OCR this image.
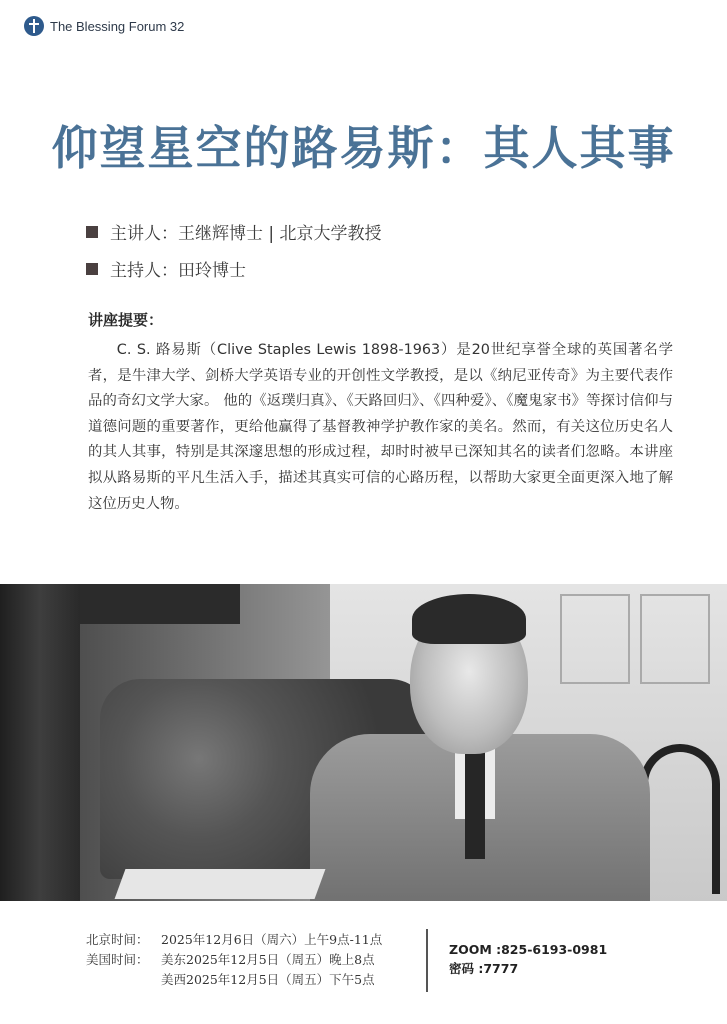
The Blessing Forum 32
仰望星空的路易斯：其人其事
主讲人：王继辉博士 | 北京大学教授
主持人：田玲博士
讲座提要：

C. S. 路易斯（Clive Staples Lewis 1898-1963）是20世纪享誉全球的英国著名学者，是牛津大学、剑桥大学英语专业的开创性文学教授，是以《纳尼亚传奇》为主要代表作品的奇幻文学大家。 他的《返璞归真》、《天路回归》、《四种爱》、《魔鬼家书》等探讨信仰与道德问题的重要著作，更给他赢得了基督教神学护教作家的美名。然而，有关这位历史名人的其人其事，特别是其深邃思想的形成过程，却时时被早已深知其名的读者们忽略。本讲座拟从路易斯的平凡生活入手，描述其真实可信的心路历程，以帮助大家更全面更深入地了解这位历史人物。

北京时间： 2025年12月6日（周六）上午9点-11点
美国时间： 美东2025年12月5日（周五）晚上8点
美西2025年12月5日（周五）下午5点
ZOOM :825-6193-0981
密码 :7777
